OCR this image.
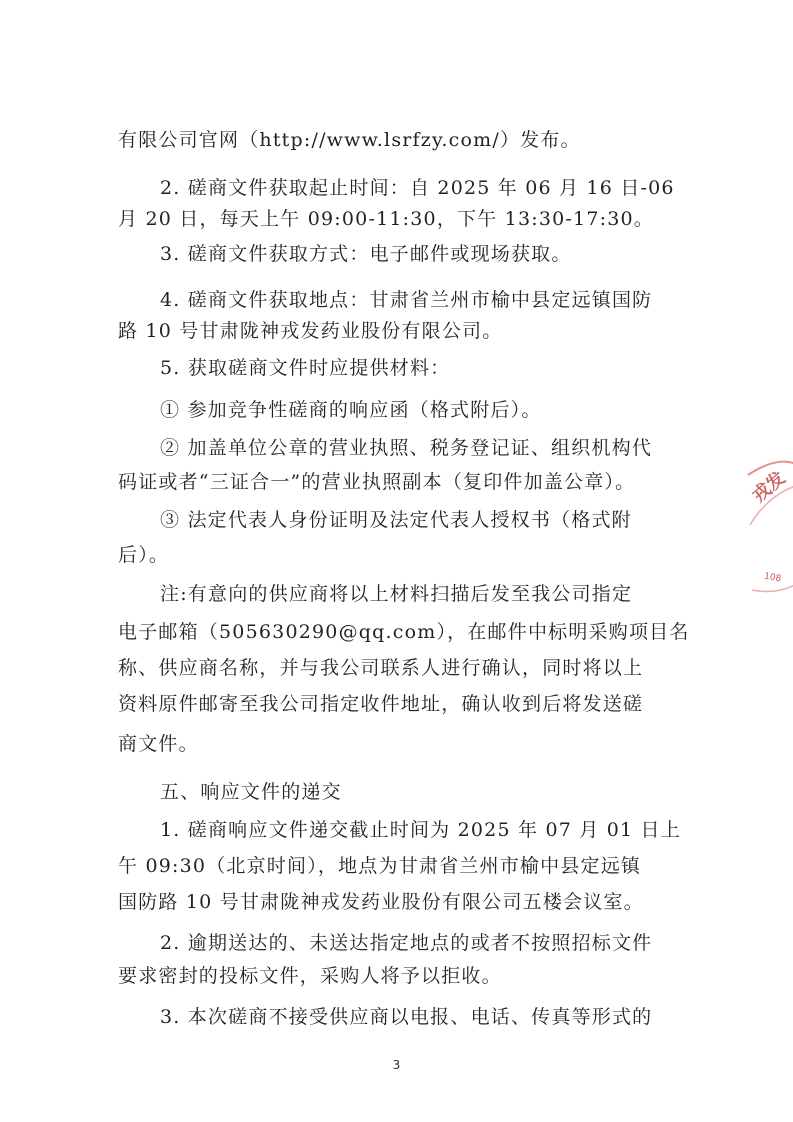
有限公司官网（http://www.lsrfzy.com/）发布。
2. 磋商文件获取起止时间：自 2025 年 06 月 16 日-06
月 20 日，每天上午 09:00-11:30，下午 13:30-17:30。
3. 磋商文件获取方式：电子邮件或现场获取。
4. 磋商文件获取地点：甘肃省兰州市榆中县定远镇国防
路 10 号甘肃陇神戎发药业股份有限公司。
5. 获取磋商文件时应提供材料：
① 参加竞争性磋商的响应函（格式附后）。
② 加盖单位公章的营业执照、税务登记证、组织机构代
码证或者“三证合一”的营业执照副本（复印件加盖公章）。
③ 法定代表人身份证明及法定代表人授权书（格式附
后）。
注:有意向的供应商将以上材料扫描后发至我公司指定
电子邮箱（505630290@qq.com），在邮件中标明采购项目名
称、供应商名称，并与我公司联系人进行确认，同时将以上
资料原件邮寄至我公司指定收件地址，确认收到后将发送磋
商文件。
五、响应文件的递交
1. 磋商响应文件递交截止时间为 2025 年 07 月 01 日上
午 09:30（北京时间），地点为甘肃省兰州市榆中县定远镇
国防路 10 号甘肃陇神戎发药业股份有限公司五楼会议室。
2. 逾期送达的、未送达指定地点的或者不按照招标文件
要求密封的投标文件，采购人将予以拒收。
3. 本次磋商不接受供应商以电报、电话、传真等形式的
戎发
108
3
